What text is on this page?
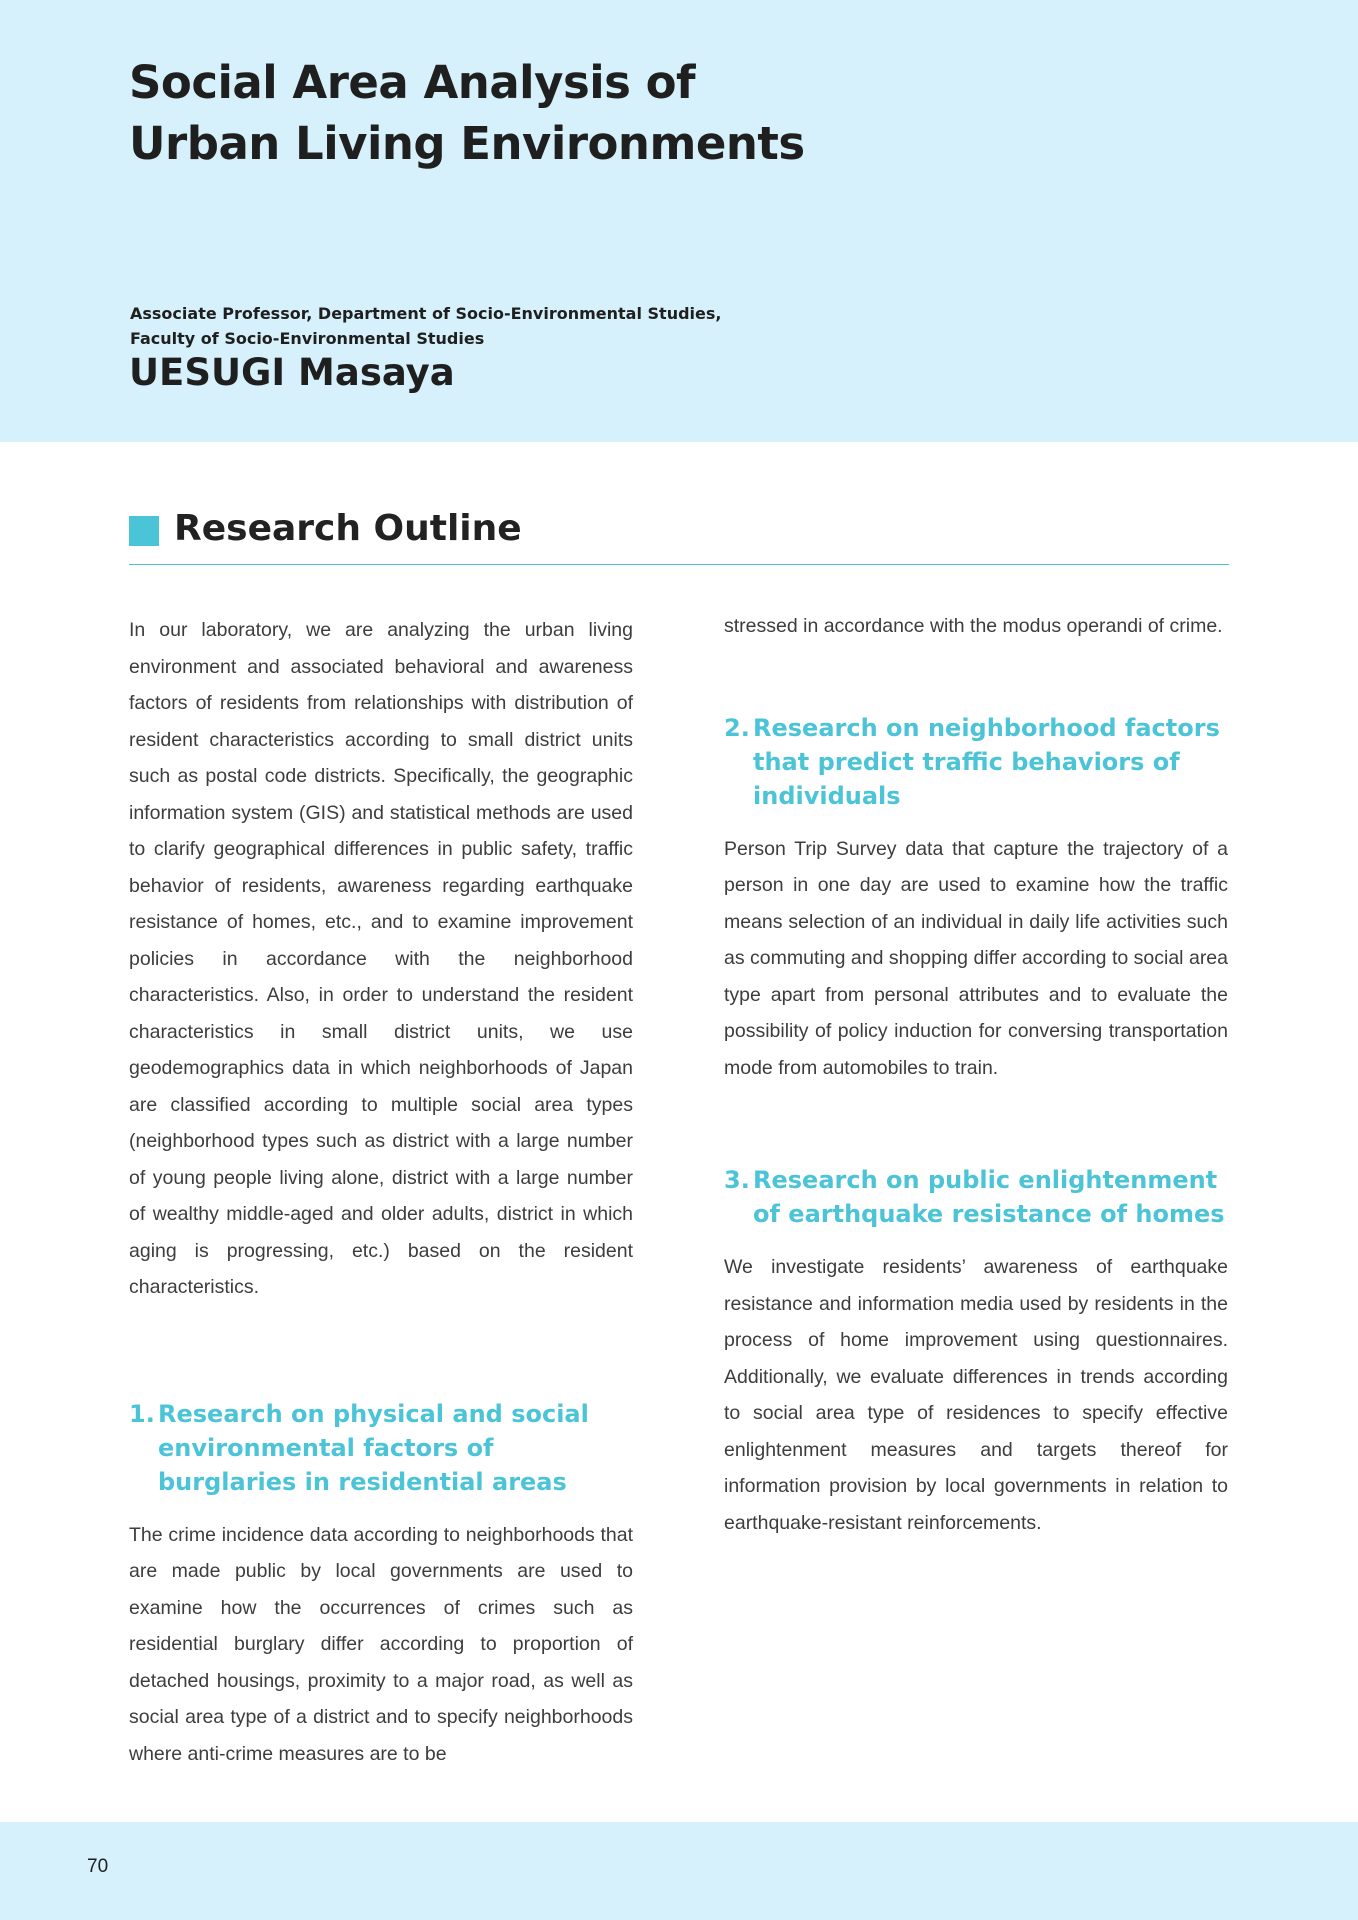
Social Area Analysis of
Urban Living Environments

Associate Professor, Department of Socio-Environmental Studies,
Faculty of Socio-Environmental Studies

UESUGI Masaya

Research Outline

In our laboratory, we are analyzing the urban living environment and associated behavioral and awareness factors of residents from relationships with distribution of resident characteristics according to small district units such as postal code districts. Specifically, the geographic information system (GIS) and statistical methods are used to clarify geographical differences in public safety, traffic behavior of residents, awareness regarding earthquake resistance of homes, etc., and to examine improvement policies in accordance with the neighborhood characteristics. Also, in order to understand the resident characteristics in small district units, we use geodemographics data in which neighborhoods of Japan are classified according to multiple social area types (neighborhood types such as district with a large number of young people living alone, district with a large number of wealthy middle-aged and older adults, district in which aging is progressing, etc.) based on the resident characteristics.

1. Research on physical and social environmental factors of burglaries in residential areas

The crime incidence data according to neighborhoods that are made public by local governments are used to examine how the occurrences of crimes such as residential burglary differ according to proportion of detached housings, proximity to a major road, as well as social area type of a district and to specify neighborhoods where anti-crime measures are to be

stressed in accordance with the modus operandi of crime.

2. Research on neighborhood factors that predict traffic behaviors of individuals

Person Trip Survey data that capture the trajectory of a person in one day are used to examine how the traffic means selection of an individual in daily life activities such as commuting and shopping differ according to social area type apart from personal attributes and to evaluate the possibility of policy induction for conversing transportation mode from automobiles to train.

3. Research on public enlightenment of earthquake resistance of homes

We investigate residents’ awareness of earthquake resistance and information media used by residents in the process of home improvement using questionnaires. Additionally, we evaluate differences in trends according to social area type of residences to specify effective enlightenment measures and targets thereof for information provision by local governments in relation to earthquake-resistant reinforcements.

70
